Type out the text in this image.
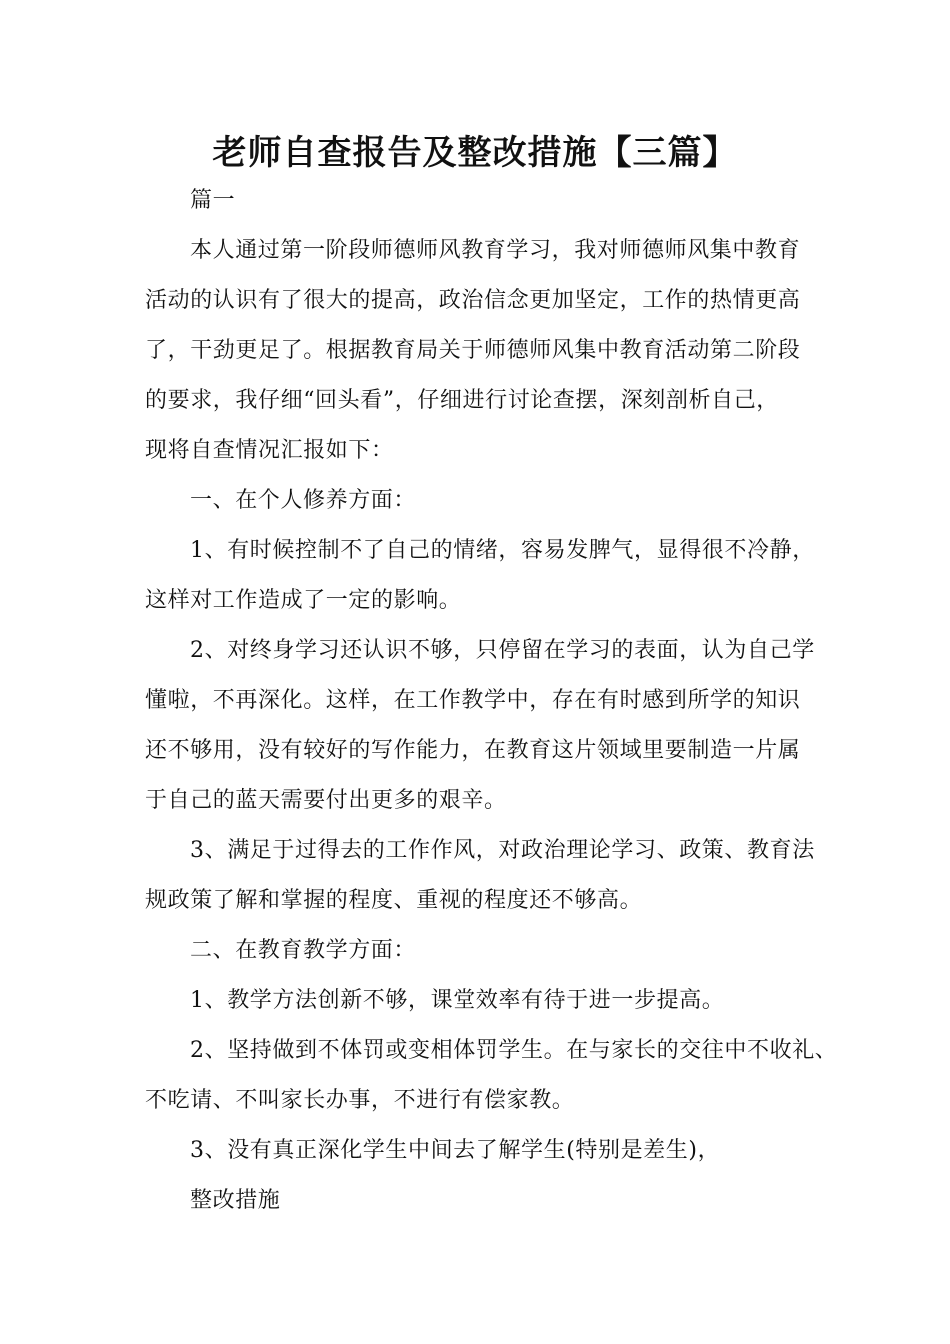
老师自查报告及整改措施【三篇】
篇一
本人通过第一阶段师德师风教育学习，我对师德师风集中教育
活动的认识有了很大的提高，政治信念更加坚定，工作的热情更高
了，干劲更足了。根据教育局关于师德师风集中教育活动第二阶段
的要求，我仔细“回头看”，仔细进行讨论查摆，深刻剖析自己，
现将自查情况汇报如下：
一、在个人修养方面：
1、有时候控制不了自己的情绪，容易发脾气，显得很不冷静，
这样对工作造成了一定的影响。
2、对终身学习还认识不够，只停留在学习的表面，认为自己学
懂啦，不再深化。这样，在工作教学中，存在有时感到所学的知识
还不够用，没有较好的写作能力，在教育这片领域里要制造一片属
于自己的蓝天需要付出更多的艰辛。
3、满足于过得去的工作作风，对政治理论学习、政策、教育法
规政策了解和掌握的程度、重视的程度还不够高。
二、在教育教学方面：
1、教学方法创新不够，课堂效率有待于进一步提高。
2、坚持做到不体罚或变相体罚学生。在与家长的交往中不收礼、
不吃请、不叫家长办事，不进行有偿家教。
3、没有真正深化学生中间去了解学生(特别是差生)，
整改措施
